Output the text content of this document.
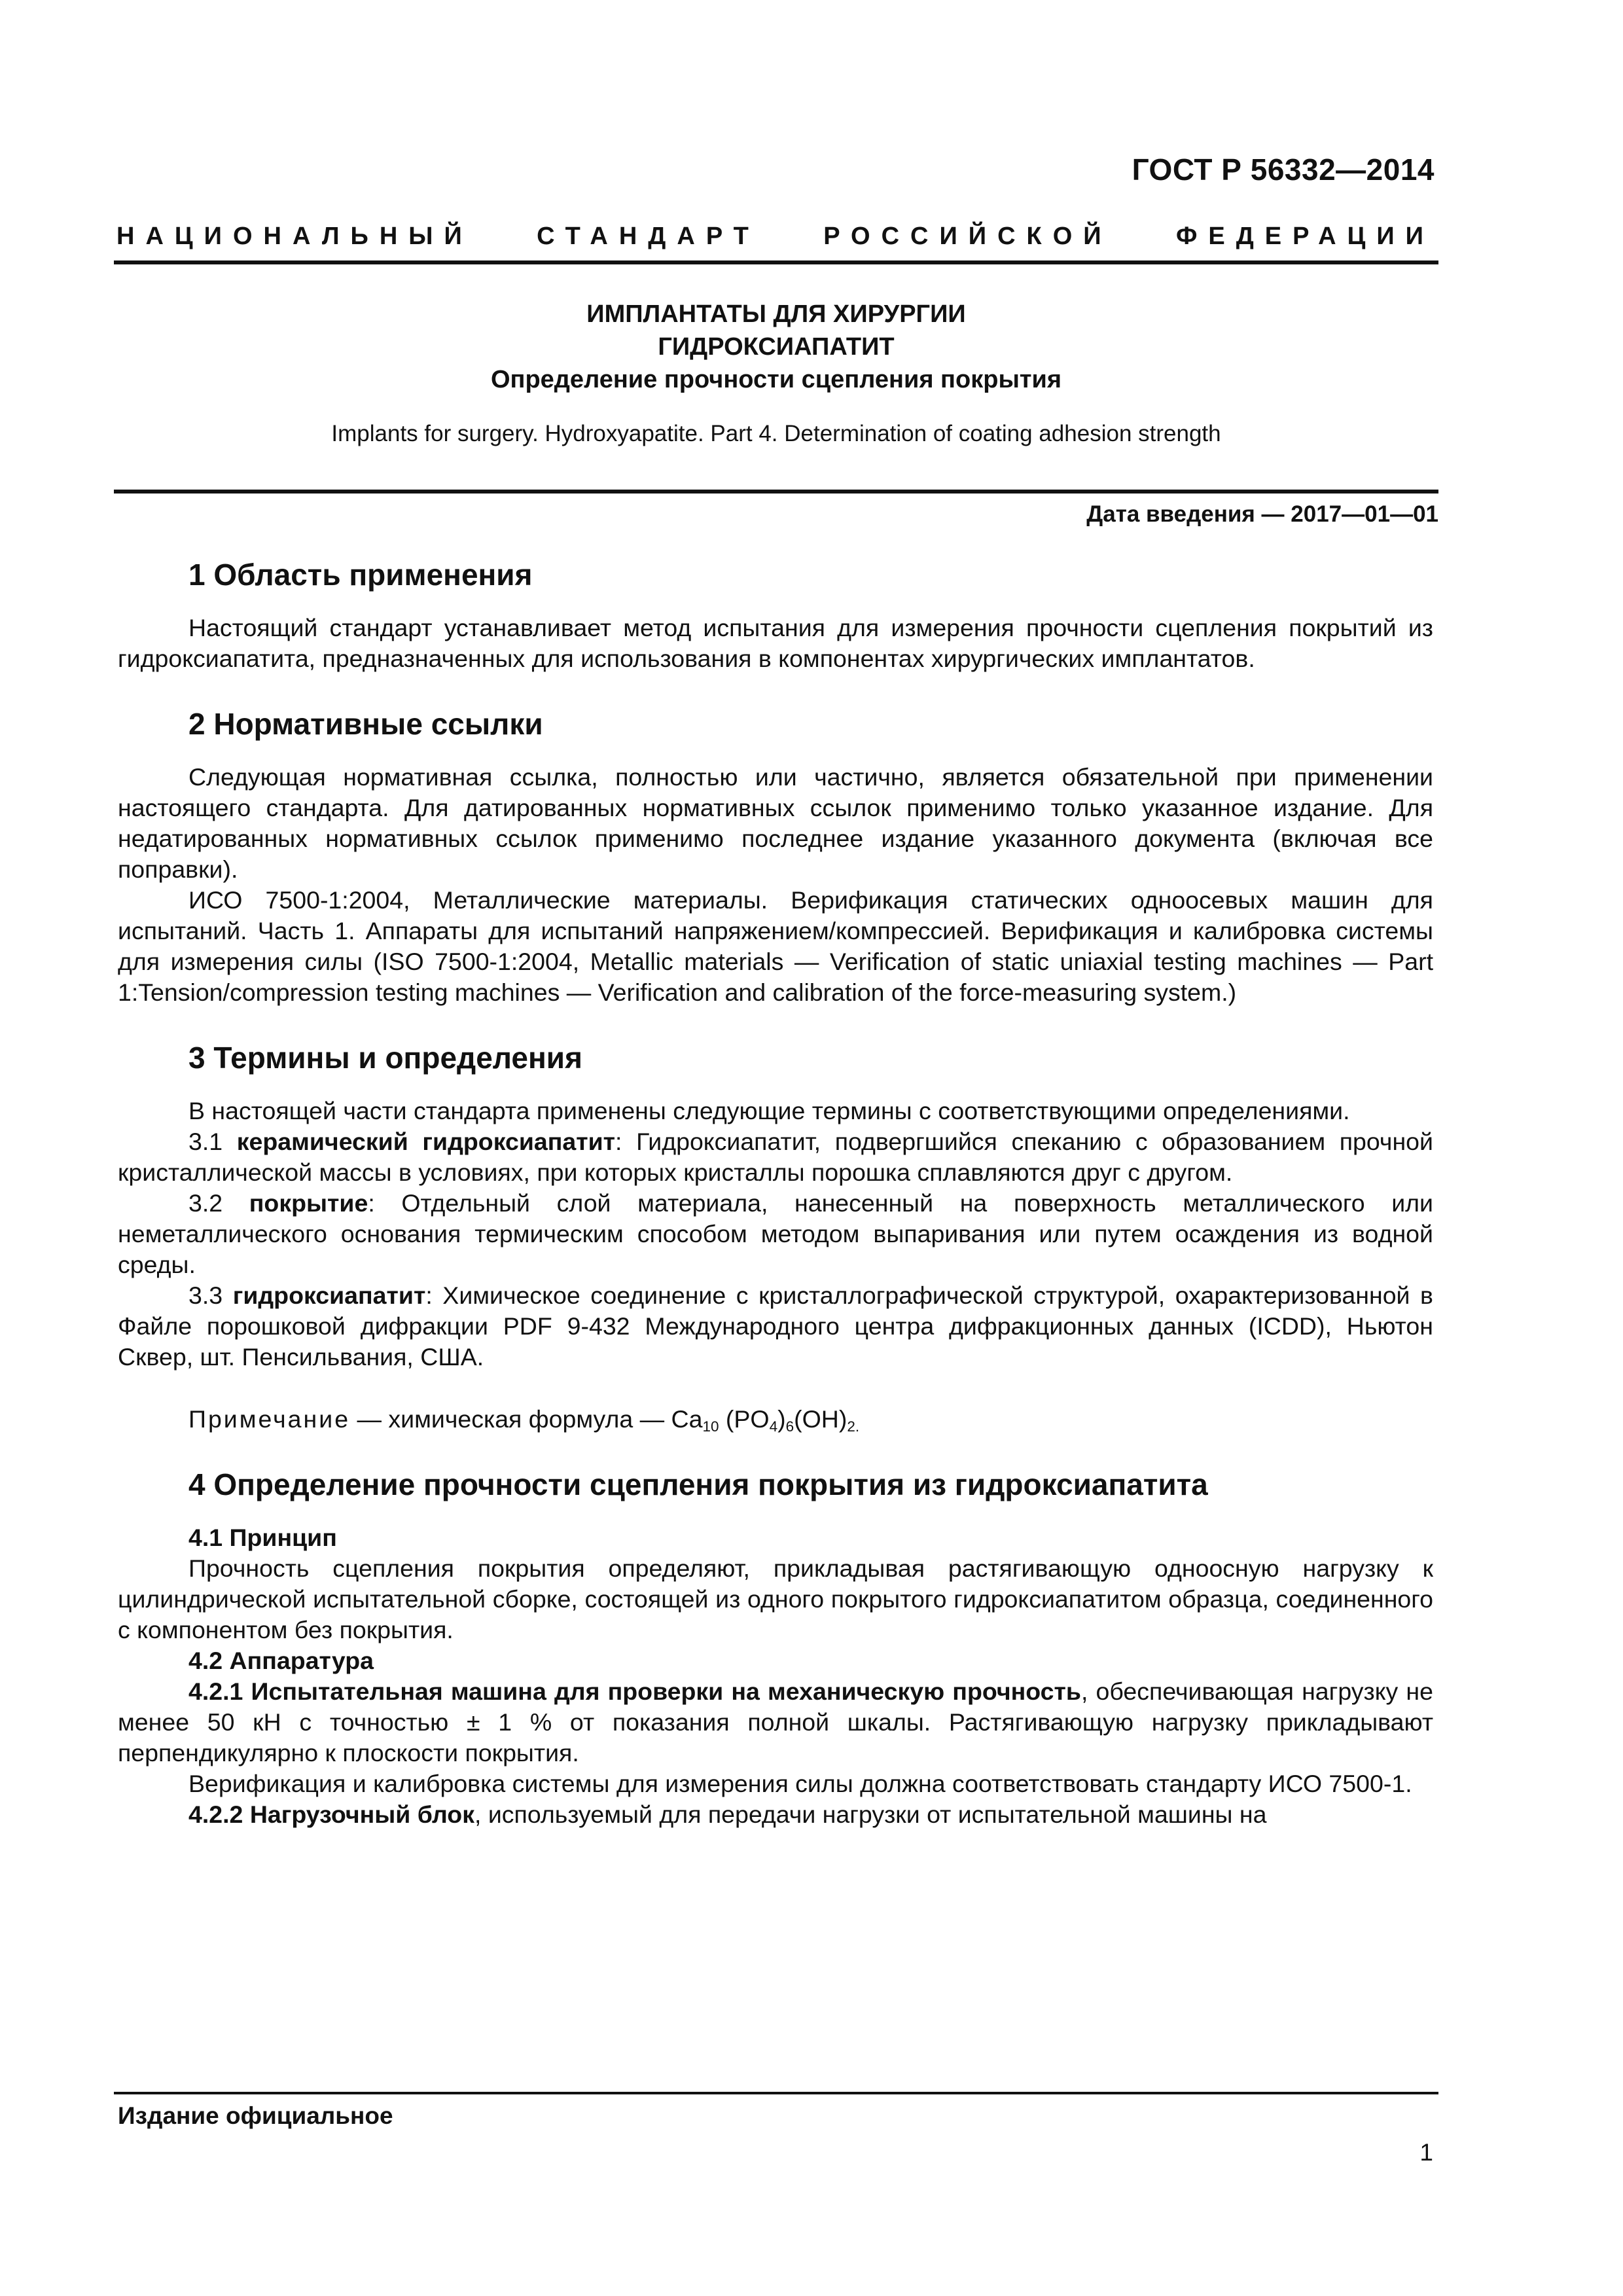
ГОСТ Р 56332—2014
НАЦИОНАЛЬНЫЙ	СТАНДАРТ	РОССИЙСКОЙ	ФЕДЕРАЦИИ
ИМПЛАНТАТЫ ДЛЯ ХИРУРГИИ
ГИДРОКСИАПАТИТ
Определение прочности сцепления покрытия
Implants for surgery. Hydroxyapatite. Part 4. Determination of coating adhesion strength
Дата введения — 2017—01—01
1 Область применения

Настоящий стандарт устанавливает метод испытания для измерения прочности сцепления покрытий из гидроксиапатита, предназначенных для использования в компонентах хирургических имплантатов.

2 Нормативные ссылки

Следующая нормативная ссылка, полностью или частично, является обязательной при применении настоящего стандарта. Для датированных нормативных ссылок применимо только указанное издание. Для недатированных нормативных ссылок применимо последнее издание указанного документа (включая все поправки).

ИСО 7500-1:2004, Металлические материалы. Верификация статических одноосевых машин для испытаний. Часть 1. Аппараты для испытаний напряжением/компрессией. Верификация и калибровка системы для измерения силы (ISO 7500-1:2004, Metallic materials — Verification of static uniaxial testing machines — Part 1:Tension/compression testing machines — Verification and calibration of the force-measuring system.)

3 Термины и определения

В настоящей части стандарта применены следующие термины с соответствующими определениями.

3.1 керамический гидроксиапатит: Гидроксиапатит, подвергшийся спеканию с образованием прочной кристаллической массы в условиях, при которых кристаллы порошка сплавляются друг с другом.

3.2 покрытие: Отдельный слой материала, нанесенный на поверхность металлического или неметаллического основания термическим способом методом выпаривания или путем осаждения из водной среды.

3.3 гидроксиапатит: Химическое соединение с кристаллографической структурой, охарактеризованной в Файле порошковой дифракции PDF 9-432 Международного центра дифракционных данных (ICDD), Ньютон Сквер, шт. Пенсильвания, США.

Примечание — химическая формула — $Ca_{10}$ $(PO_4)_6(OH)_{2.}$

4 Определение прочности сцепления покрытия из гидроксиапатита

4.1 Принцип

Прочность сцепления покрытия определяют, прикладывая растягивающую одноосную нагрузку к цилиндрической испытательной сборке, состоящей из одного покрытого гидроксиапатитом образца, соединенного с компонентом без покрытия.

4.2 Аппаратура

4.2.1 Испытательная машина для проверки на механическую прочность, обеспечивающая нагрузку не менее 50 кН с точностью ± 1 % от показания полной шкалы. Растягивающую нагрузку прикладывают перпендикулярно к плоскости покрытия.

Верификация и калибровка системы для измерения силы должна соответствовать стандарту ИСО 7500-1.

4.2.2 Нагрузочный блок, используемый для передачи нагрузки от испытательной машины на

Издание официальное
1
